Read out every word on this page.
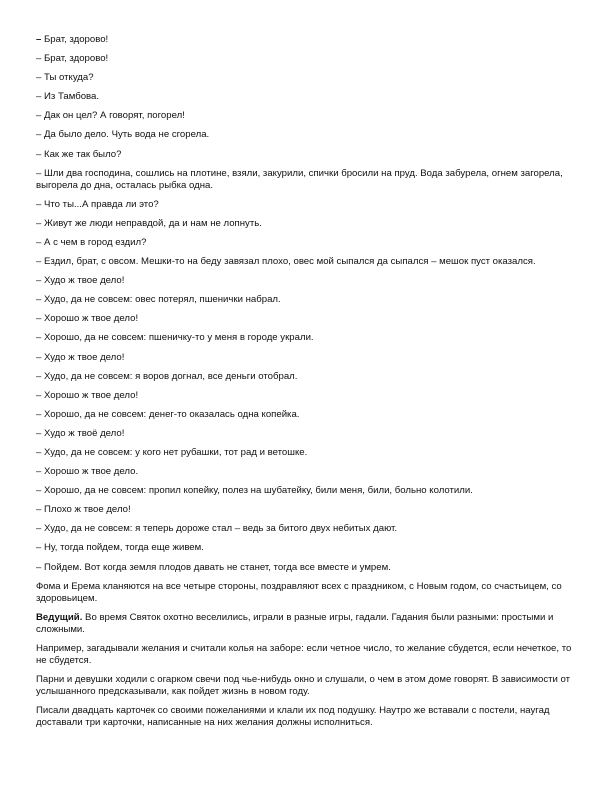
– Брат, здорово!

– Брат, здорово!

– Ты откуда?

– Из Тамбова.

– Дак он цел? А говорят, погорел!

– Да было дело. Чуть вода не сгорела.

– Как же так было?

– Шли два господина, сошлись на плотине, взяли, закурили, спички бросили на пруд. Вода забурела, огнем загорела, выгорела до дна, осталась рыбка одна.

– Что ты...А правда ли это?

– Живут же люди неправдой, да и нам не лопнуть.

– А с чем в город ездил?

– Ездил, брат, с овсом. Мешки-то на беду завязал плохо, овес мой сыпался да сыпался – мешок пуст оказался.

– Худо ж твое дело!

– Худо, да не совсем: овес потерял, пшенички набрал.

– Хорошо ж твое дело!

– Хорошо, да не совсем: пшеничку-то у меня в городе украли.

– Худо ж твое дело!

– Худо, да не совсем: я воров догнал, все деньги отобрал.

– Хорошо ж твое дело!

– Хорошо, да не совсем: денег-то оказалась одна копейка.

– Худо ж твоё дело!

– Худо, да не совсем: у кого нет рубашки, тот рад и ветошке.

– Хорошо ж твое дело.

– Хорошо, да не совсем: пропил копейку, полез на шубатейку, били меня, били, больно колотили.

– Плохо ж твое дело!

– Худо, да не совсем: я теперь дороже стал – ведь за битого двух небитых дают.

– Ну, тогда пойдем, тогда еще живем.

– Пойдем. Вот когда земля плодов давать не станет, тогда все вместе и умрем.

Фома и Ерема кланяются на все четыре стороны, поздравляют всех с праздником, с Новым годом, со счастьицем, со здоровьицем.

Ведущий. Во время Святок охотно веселились, играли в разные игры, гадали. Гадания были разными: простыми и сложными.

Например, загадывали желания и считали колья на заборе: если четное число, то желание сбудется, если нечеткое, то не сбудется.

Парни и девушки ходили с огарком свечи под чье-нибудь окно и слушали, о чем в этом доме говорят. В зависимости от услышанного предсказывали, как пойдет жизнь в новом году.

Писали двадцать карточек со своими пожеланиями и клали их под подушку. Наутро же вставали с постели, наугад доставали три карточки, написанные на них желания должны исполниться.
